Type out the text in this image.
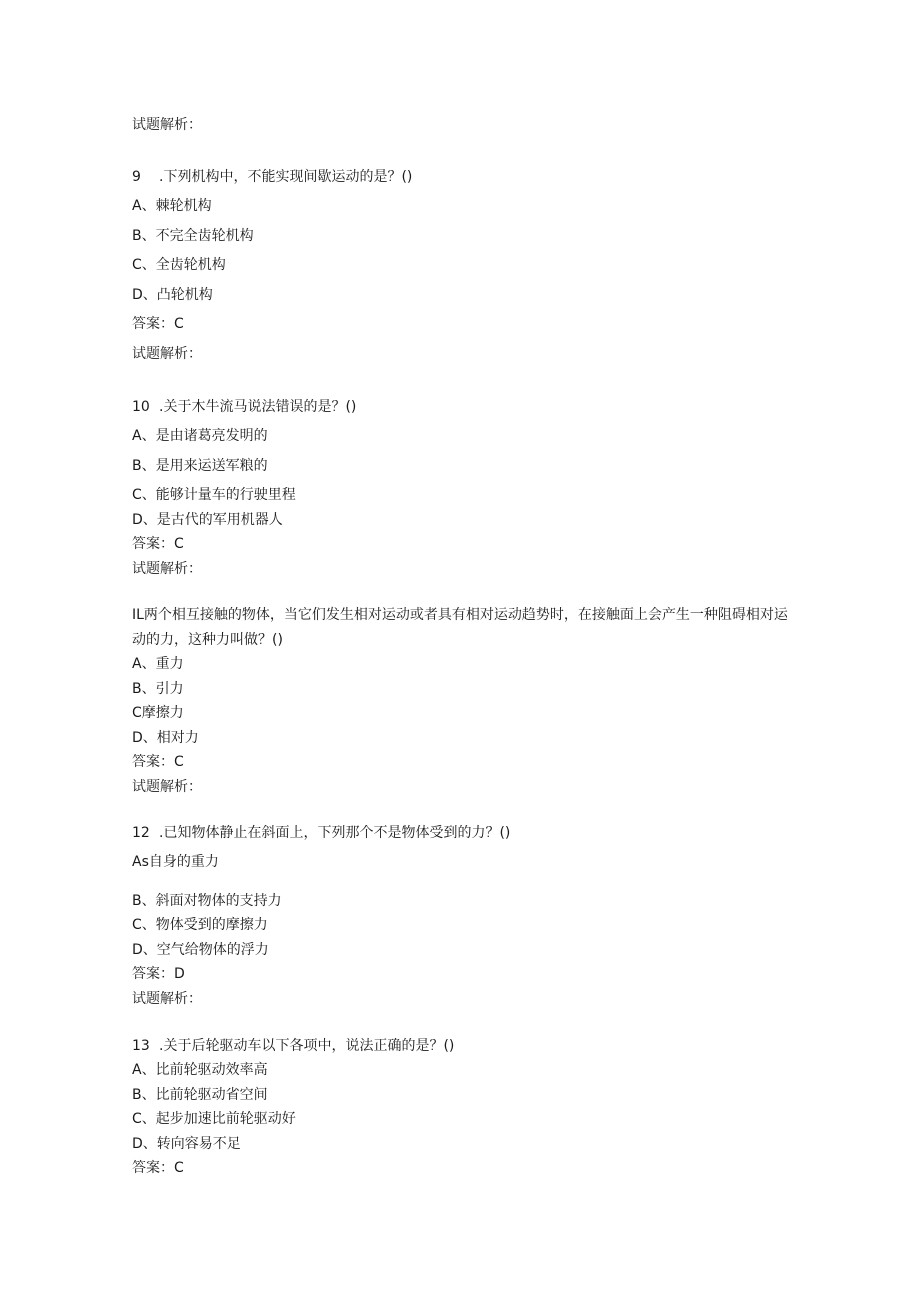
试题解析：
9 .下列机构中，不能实现间歇运动的是？()
A、棘轮机构
B、不完全齿轮机构
C、全齿轮机构
D、凸轮机构
答案：C
试题解析：
10 .关于木牛流马说法错误的是？()
A、是由诸葛亮发明的
B、是用来运送军粮的
C、能够计量车的行驶里程
D、是古代的军用机器人
答案：C
试题解析：
IL两个相互接触的物体，当它们发生相对运动或者具有相对运动趋势时，在接触面上会产生一种阻碍相对运动的力，这种力叫做？()
A、重力
B、引力
C摩擦力
D、相对力
答案：C
试题解析：
12 .已知物体静止在斜面上，下列那个不是物体受到的力？()
As自身的重力
B、斜面对物体的支持力
C、物体受到的摩擦力
D、空气给物体的浮力
答案：D
试题解析：
13 .关于后轮驱动车以下各项中，说法正确的是？()
A、比前轮驱动效率高
B、比前轮驱动省空间
C、起步加速比前轮驱动好
D、转向容易不足
答案：C
